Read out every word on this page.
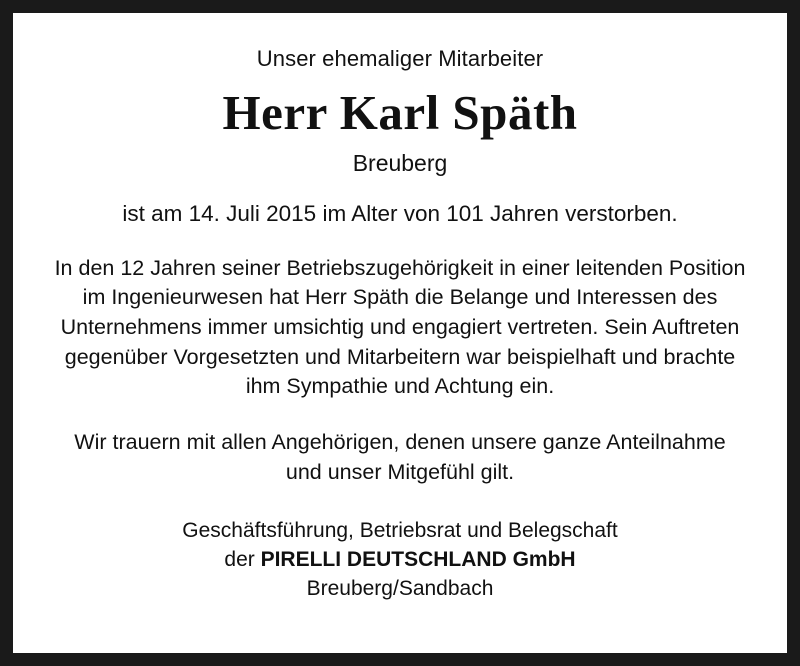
Unser ehemaliger Mitarbeiter
Herr Karl Späth
Breuberg
ist am 14. Juli 2015 im Alter von 101 Jahren verstorben.
In den 12 Jahren seiner Betriebszugehörigkeit in einer leitenden Position im Ingenieurwesen hat Herr Späth die Belange und Interessen des Unternehmens immer umsichtig und engagiert vertreten. Sein Auftreten gegenüber Vorgesetzten und Mitarbeitern war beispielhaft und brachte ihm Sympathie und Achtung ein.
Wir trauern mit allen Angehörigen, denen unsere ganze Anteilnahme und unser Mitgefühl gilt.
Geschäftsführung, Betriebsrat und Belegschaft
der PIRELLI DEUTSCHLAND GmbH
Breuberg/Sandbach
